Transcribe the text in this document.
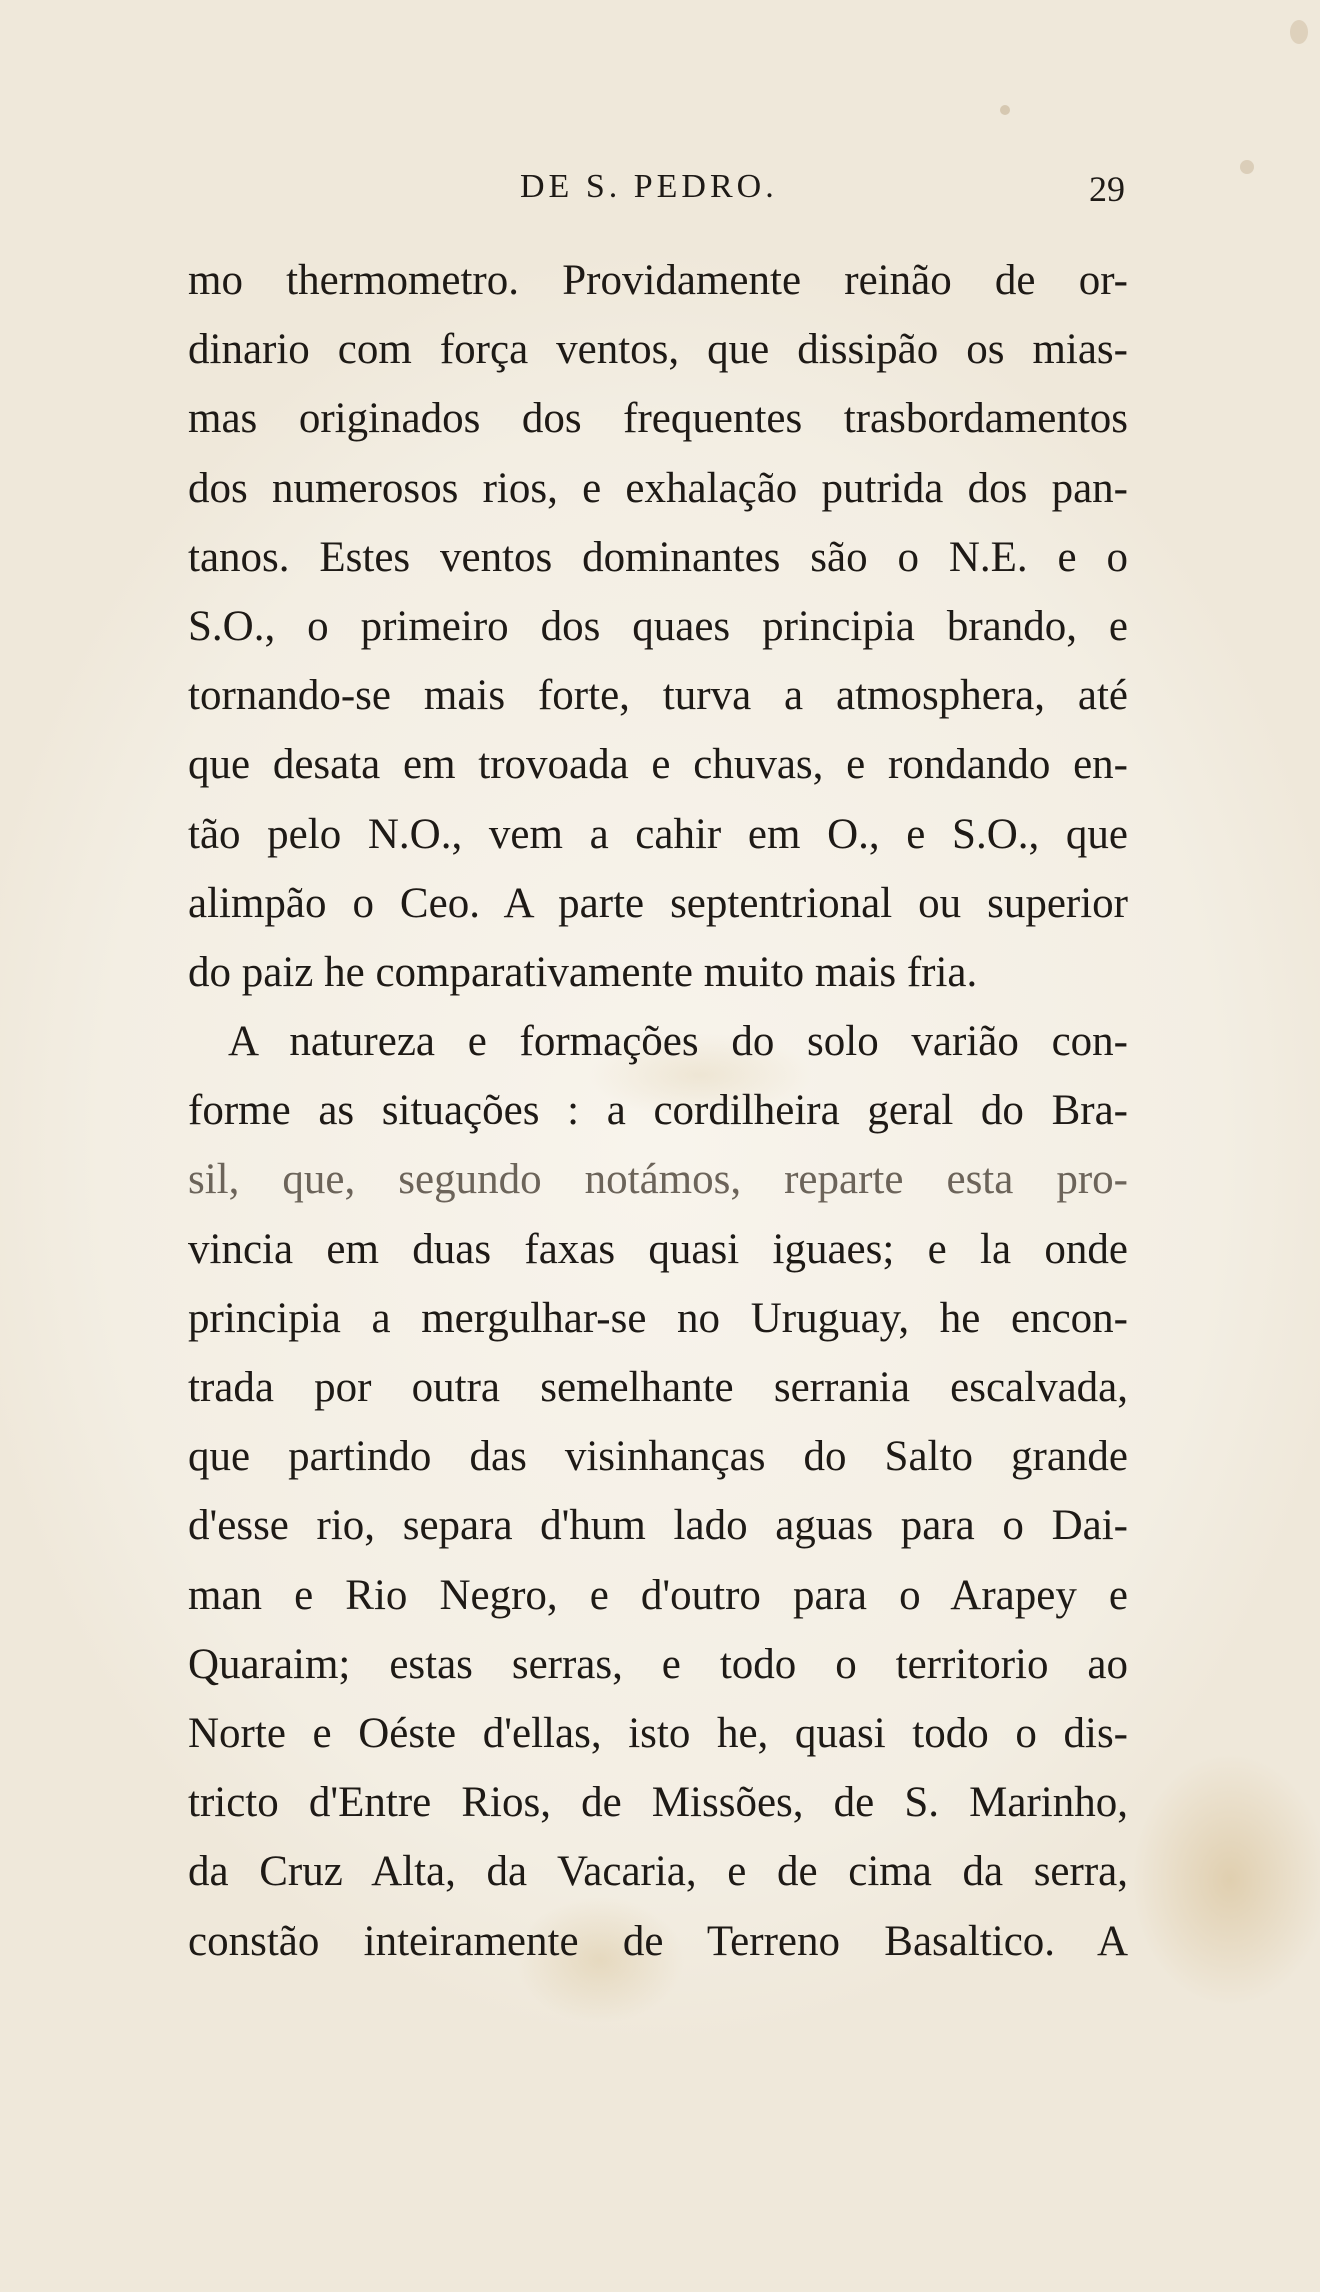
DE S. PEDRO.	29
mo thermometro. Providamente reinão de or-
dinario com força ventos, que dissipão os mias-
mas originados dos frequentes trasbordamentos
dos numerosos rios, e exhalação putrida dos pan-
tanos. Estes ventos dominantes são o N.E. e o
S.O., o primeiro dos quaes principia brando, e
tornando-se mais forte, turva a atmosphera, até
que desata em trovoada e chuvas, e rondando en-
tão pelo N.O., vem a cahir em O., e S.O., que
alimpão o Ceo. A parte septentrional ou superior
do paiz he comparativamente muito mais fria.
A natureza e formações do solo varião con-
forme as situações : a cordilheira geral do Bra-
sil, que, segundo notámos, reparte esta pro-
vincia em duas faxas quasi iguaes; e la onde
principia a mergulhar-se no Uruguay, he encon-
trada por outra semelhante serrania escalvada,
que partindo das visinhanças do Salto grande
d'esse rio, separa d'hum lado aguas para o Dai-
man e Rio Negro, e d'outro para o Arapey e
Quaraim; estas serras, e todo o territorio ao
Norte e Oéste d'ellas, isto he, quasi todo o dis-
tricto d'Entre Rios, de Missões, de S. Marinho,
da Cruz Alta, da Vacaria, e de cima da serra,
constão inteiramente de Terreno Basaltico. A
